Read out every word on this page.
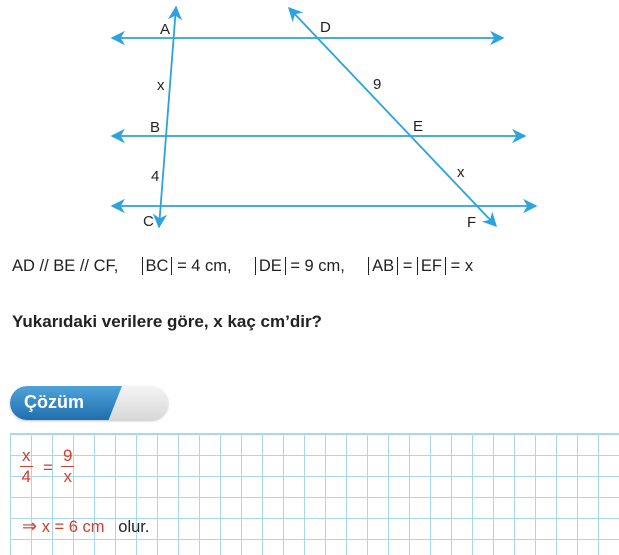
A
B
C
D
E
F
x
4
9
x
AD // BE // CF, BC = 4 cm, DE = 9 cm, AB = EF = x
Yukarıdaki verilere göre, x kaç cm’dir?
Çözüm
$\frac{x}{4} = \frac{9}{x}$
⇒ x = 6 cm olur.
